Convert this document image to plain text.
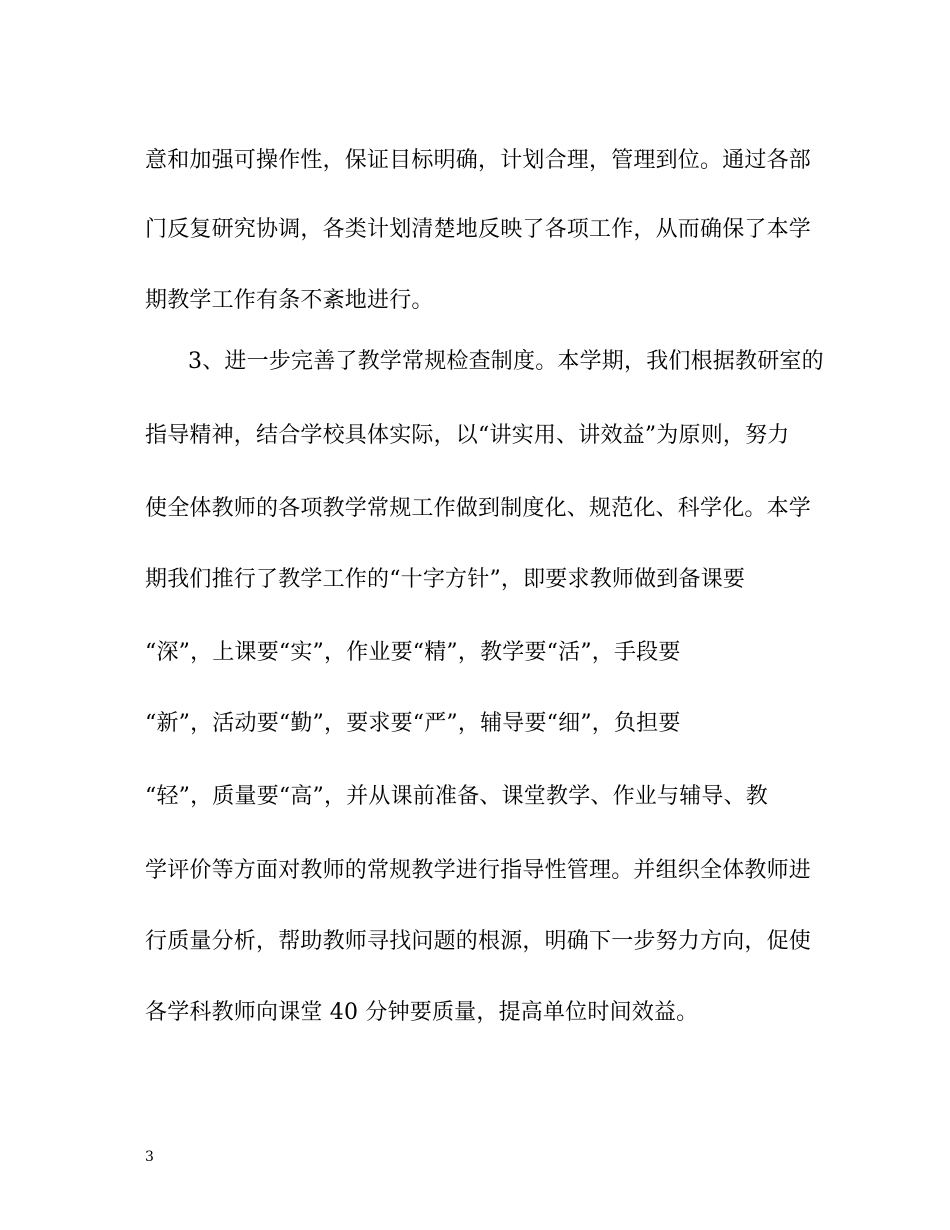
意和加强可操作性，保证目标明确，计划合理，管理到位。通过各部
门反复研究协调，各类计划清楚地反映了各项工作，从而确保了本学
期教学工作有条不紊地进行。
3、进一步完善了教学常规检查制度。本学期，我们根据教研室的
指导精神，结合学校具体实际，以“讲实用、讲效益”为原则，努力
使全体教师的各项教学常规工作做到制度化、规范化、科学化。本学
期我们推行了教学工作的“十字方针”，即要求教师做到备课要
“深”，上课要“实”，作业要“精”，教学要“活”，手段要
“新”，活动要“勤”，要求要“严”，辅导要“细”，负担要
“轻”，质量要“高”，并从课前准备、课堂教学、作业与辅导、教
学评价等方面对教师的常规教学进行指导性管理。并组织全体教师进
行质量分析，帮助教师寻找问题的根源，明确下一步努力方向，促使
各学科教师向课堂 40 分钟要质量，提高单位时间效益。
3
